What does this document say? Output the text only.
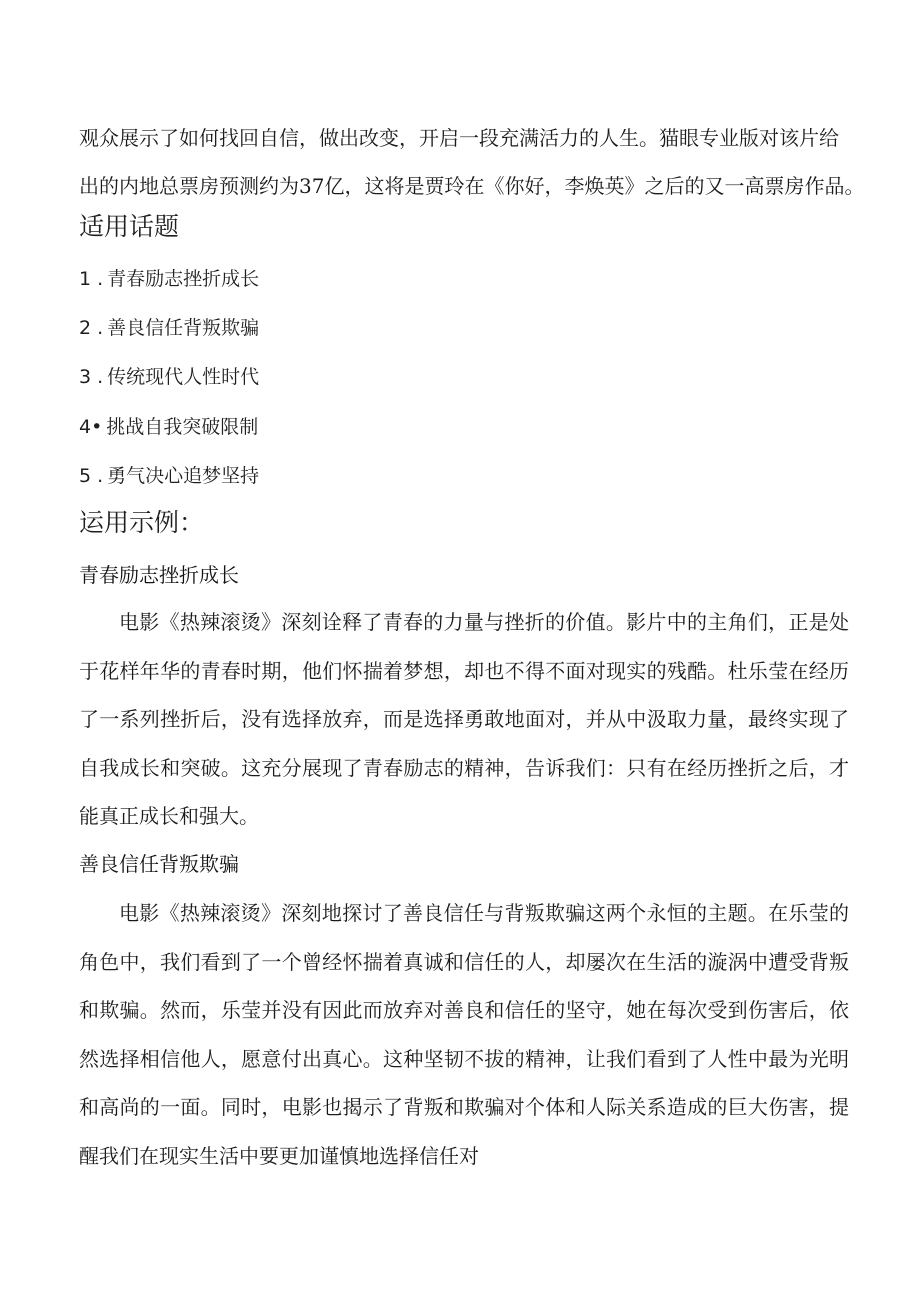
观众展示了如何找回自信，做出改变，开启一段充满活力的人生。猫眼专业版对该片给
出的内地总票房预测约为37亿，这将是贾玲在《你好，李焕英》之后的又一高票房作品。

适用话题
1 . 青春励志挫折成长
2 . 善良信任背叛欺骗
3 . 传统现代人性时代
4• 挑战自我突破限制
5 . 勇气决心追梦坚持
运用示例：
青春励志挫折成长

电影《热辣滚烫》深刻诠释了青春的力量与挫折的价值。影片中的主角们，正是处于花样年华的青春时期，他们怀揣着梦想，却也不得不面对现实的残酷。杜乐莹在经历了一系列挫折后，没有选择放弃，而是选择勇敢地面对，并从中汲取力量，最终实现了自我成长和突破。这充分展现了青春励志的精神，告诉我们：只有在经历挫折之后，才能真正成长和强大。

善良信任背叛欺骗

电影《热辣滚烫》深刻地探讨了善良信任与背叛欺骗这两个永恒的主题。在乐莹的角色中，我们看到了一个曾经怀揣着真诚和信任的人，却屡次在生活的漩涡中遭受背叛和欺骗。然而，乐莹并没有因此而放弃对善良和信任的坚守，她在每次受到伤害后，依然选择相信他人，愿意付出真心。这种坚韧不拔的精神，让我们看到了人性中最为光明和高尚的一面。同时，电影也揭示了背叛和欺骗对个体和人际关系造成的巨大伤害，提醒我们在现实生活中要更加谨慎地选择信任对
